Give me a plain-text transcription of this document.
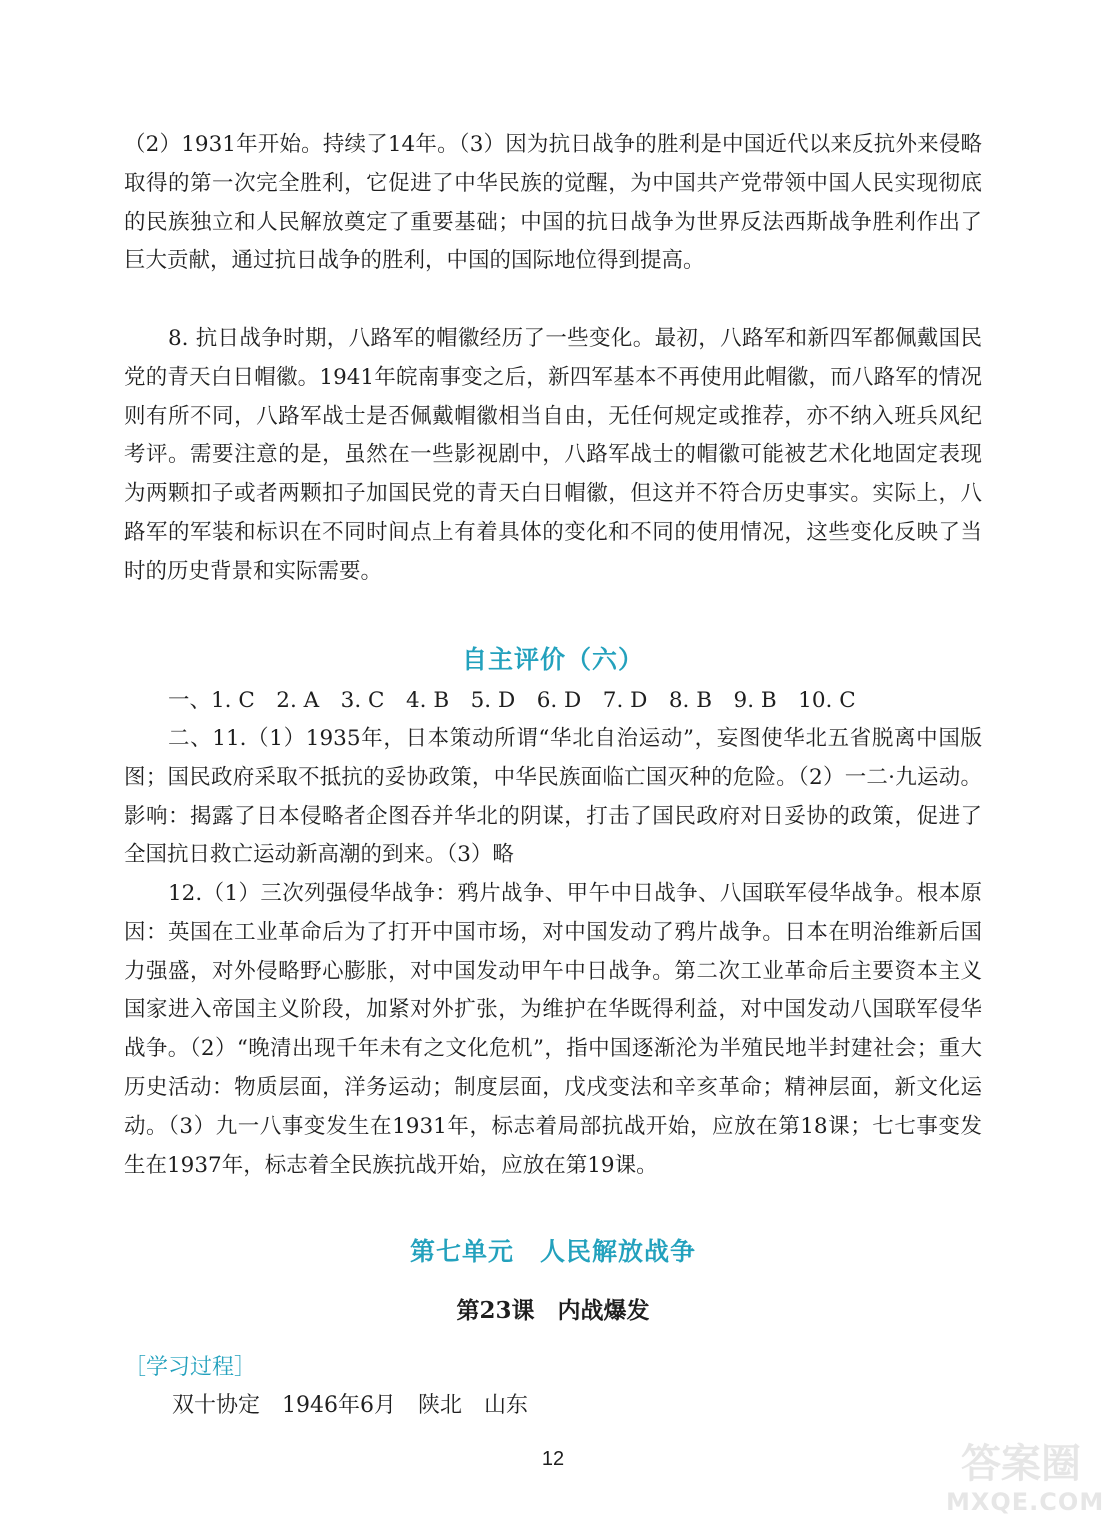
（2）1931年开始。持续了14年。（3）因为抗日战争的胜利是中国近代以来反抗外来侵略取得的第一次完全胜利，它促进了中华民族的觉醒，为中国共产党带领中国人民实现彻底的民族独立和人民解放奠定了重要基础；中国的抗日战争为世界反法西斯战争胜利作出了巨大贡献，通过抗日战争的胜利，中国的国际地位得到提高。

8. 抗日战争时期，八路军的帽徽经历了一些变化。最初，八路军和新四军都佩戴国民党的青天白日帽徽。1941年皖南事变之后，新四军基本不再使用此帽徽，而八路军的情况则有所不同，八路军战士是否佩戴帽徽相当自由，无任何规定或推荐，亦不纳入班兵风纪考评。需要注意的是，虽然在一些影视剧中，八路军战士的帽徽可能被艺术化地固定表现为两颗扣子或者两颗扣子加国民党的青天白日帽徽，但这并不符合历史事实。实际上，八路军的军装和标识在不同时间点上有着具体的变化和不同的使用情况，这些变化反映了当时的历史背景和实际需要。

自主评价（六）

一、1. C　2. A　3. C　4. B　5. D　6. D　7. D　8. B　9. B　10. C

二、11.（1）1935年，日本策动所谓“华北自治运动”，妄图使华北五省脱离中国版图；国民政府采取不抵抗的妥协政策，中华民族面临亡国灭种的危险。（2）一二·九运动。影响：揭露了日本侵略者企图吞并华北的阴谋，打击了国民政府对日妥协的政策，促进了全国抗日救亡运动新高潮的到来。（3）略

12.（1）三次列强侵华战争：鸦片战争、甲午中日战争、八国联军侵华战争。根本原因：英国在工业革命后为了打开中国市场，对中国发动了鸦片战争。日本在明治维新后国力强盛，对外侵略野心膨胀，对中国发动甲午中日战争。第二次工业革命后主要资本主义国家进入帝国主义阶段，加紧对外扩张，为维护在华既得利益，对中国发动八国联军侵华战争。（2）“晚清出现千年未有之文化危机”，指中国逐渐沦为半殖民地半封建社会；重大历史活动：物质层面，洋务运动；制度层面，戊戌变法和辛亥革命；精神层面，新文化运动。（3）九一八事变发生在1931年，标志着局部抗战开始，应放在第18课；七七事变发生在1937年，标志着全民族抗战开始，应放在第19课。

第七单元　人民解放战争
第23课　内战爆发

［学习过程］

双十协定　1946年6月　陕北　山东

12	答案圈
MXQE.COM
